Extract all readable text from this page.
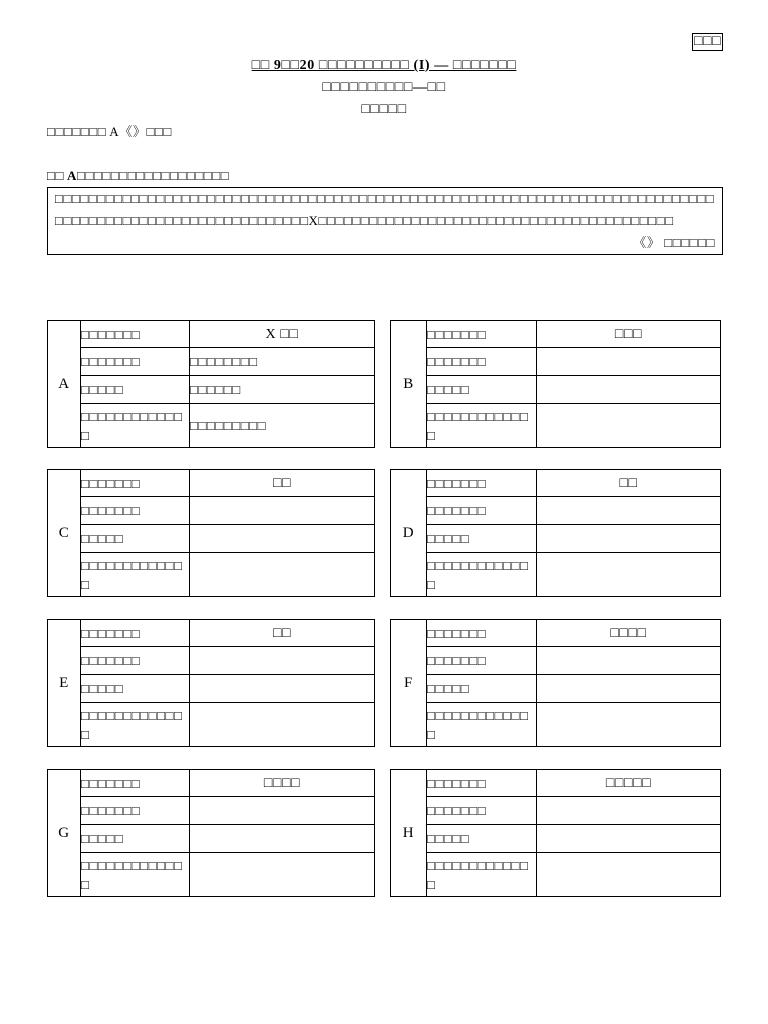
□□□
□□ 9□□20 □□□□□□□□□□ (I) — □□□□□□□
□□□□□□□□□□—□□
□□□□□
□□□□□□□ A《》□□□
□□ A□□□□□□□□□□□□□□□□□□
□□□□□□□□□□□□□□□□□□□□□□□□□□□□□□□□□□□□□□□□□□□□□□□□□□□□□□□□□□□□□□□□□□□□□□□□□□□□□□□□□□□□□□□□□□□□□□□□□□□□□□□□□□□□X□□□□□□□□□□□□□□□□□□□□□□□□□□□□□□□□□□□□□□□□□□
《》 □□□□□□
A	□□□□□□□	X □□
	□□□□□□□	□□□□□□□□
	□□□□□	□□□□□□
	□□□□□□□□□□□□□	□□□□□□□□□
B	□□□□□□□	□□□
	□□□□□□□	
	□□□□□	
	□□□□□□□□□□□□□	
C	□□□□□□□	□□
	□□□□□□□	
	□□□□□	
	□□□□□□□□□□□□□	
D	□□□□□□□	□□
	□□□□□□□	
	□□□□□	
	□□□□□□□□□□□□□	
E	□□□□□□□	□□
	□□□□□□□	
	□□□□□	
	□□□□□□□□□□□□□	
F	□□□□□□□	□□□□
	□□□□□□□	
	□□□□□	
	□□□□□□□□□□□□□	
G	□□□□□□□	□□□□
	□□□□□□□	
	□□□□□	
	□□□□□□□□□□□□□	
H	□□□□□□□	□□□□□
	□□□□□□□	
	□□□□□	
	□□□□□□□□□□□□□	
